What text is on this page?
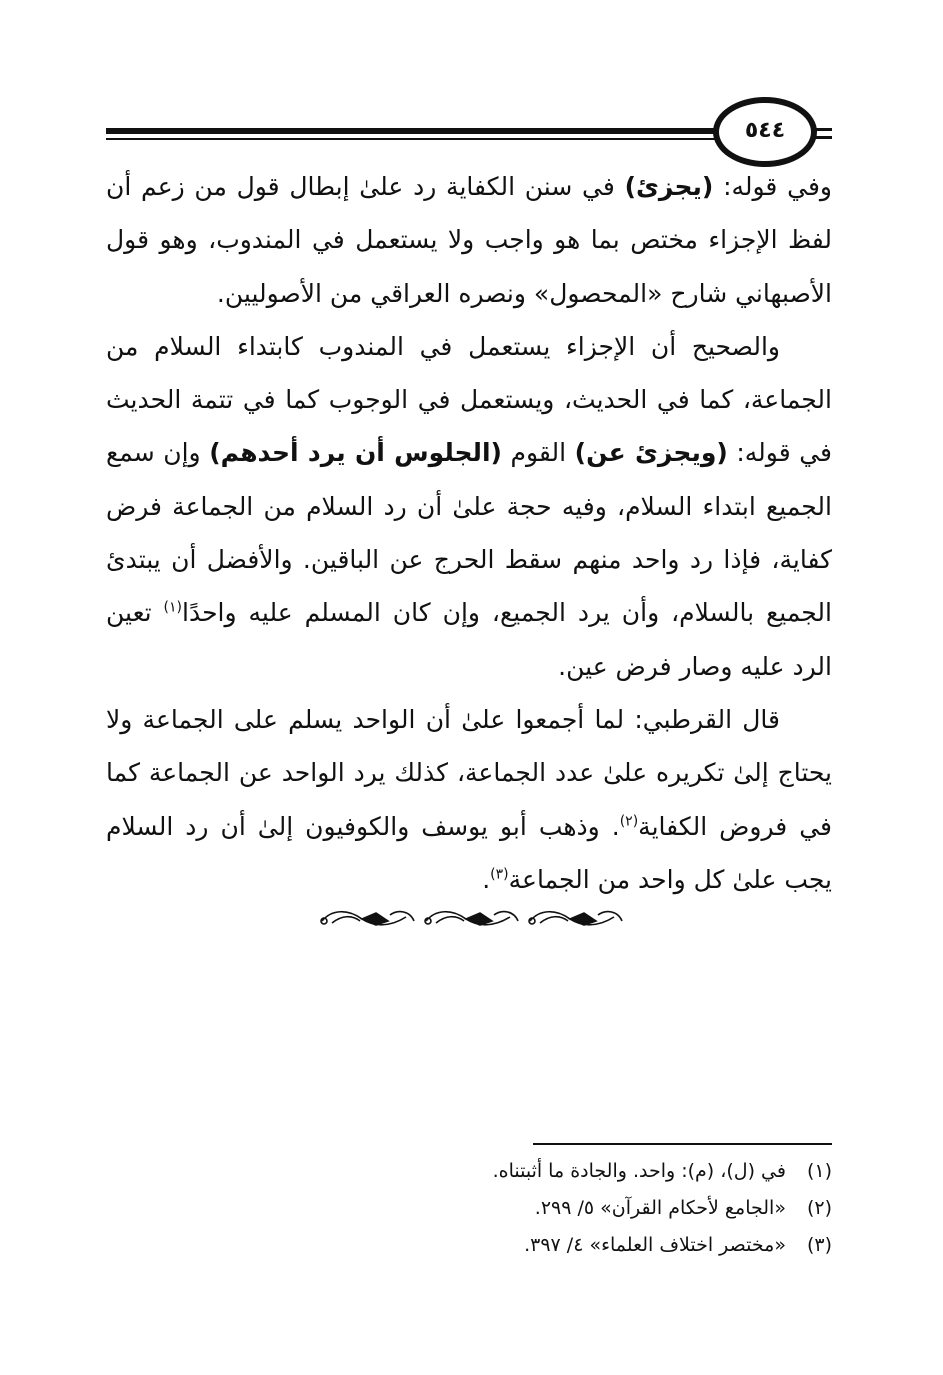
٥٤٤

وفي قوله: (يجزئ) في سنن الكفاية رد علىٰ إبطال قول من زعم أن لفظ الإجزاء مختص بما هو واجب ولا يستعمل في المندوب، وهو قول الأصبهاني شارح «المحصول» ونصره العراقي من الأصوليين.

والصحيح أن الإجزاء يستعمل في المندوب كابتداء السلام من الجماعة، كما في الحديث، ويستعمل في الوجوب كما في تتمة الحديث في قوله: (ويجزئ عن) القوم (الجلوس أن يرد أحدهم) وإن سمع الجميع ابتداء السلام، وفيه حجة علىٰ أن رد السلام من الجماعة فرض كفاية، فإذا رد واحد منهم سقط الحرج عن الباقين. والأفضل أن يبتدئ الجميع بالسلام، وأن يرد الجميع، وإن كان المسلم عليه واحدًا$^{(١)}$ تعين الرد عليه وصار فرض عين.

قال القرطبي: لما أجمعوا علىٰ أن الواحد يسلم على الجماعة ولا يحتاج إلىٰ تكريره علىٰ عدد الجماعة، كذلك يرد الواحد عن الجماعة كما في فروض الكفاية$^{(٢)}$. وذهب أبو يوسف والكوفيون إلىٰ أن رد السلام يجب علىٰ كل واحد من الجماعة$^{(٣)}$.

(١) في (ل)، (م): واحد. والجادة ما أثبتناه.

(٢) «الجامع لأحكام القرآن» ٥/ ٢٩٩.

(٣) «مختصر اختلاف العلماء» ٤/ ٣٩٧.
